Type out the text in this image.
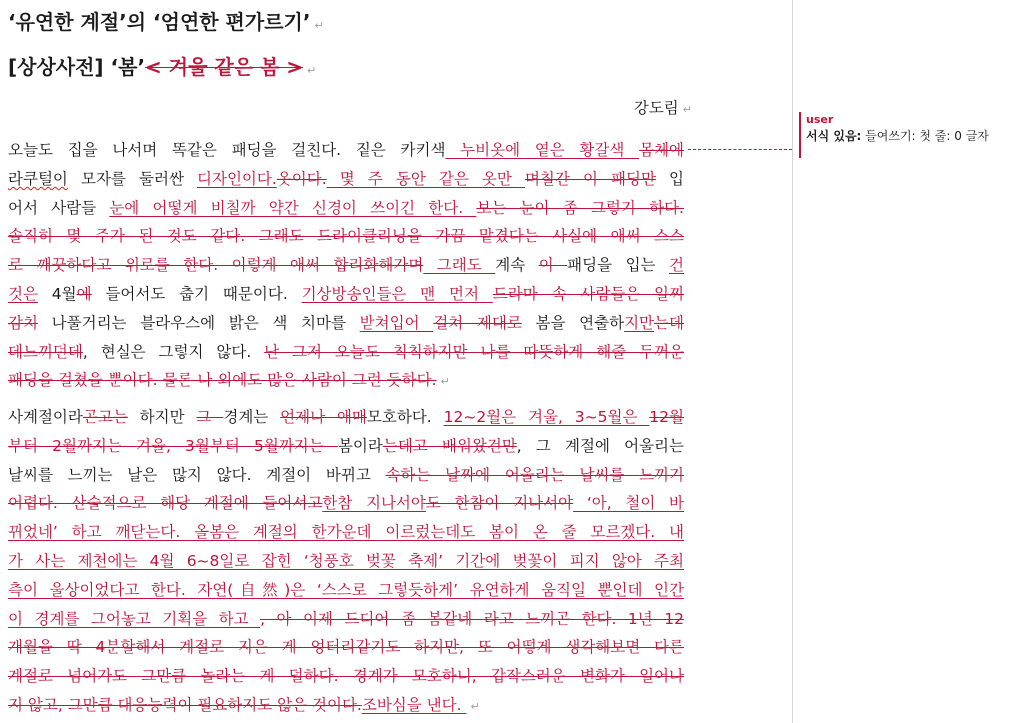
‘유연한 계절’의 ‘엄연한 편가르기’ ↵
[상상사전] ‘봄’< 겨울 같은 봄 > ↵
강도림 ↵
오늘도 집을 나서며 똑같은 패딩을 걸친다. 짙은 카키색 누비옷에 옅은 황갈색 몸체에
라쿠털이 모자를 둘러싼 디자인이다.옷이다. 몇 주 동안 같은 옷만 며칠간 이 패딩만 입
어서 사람들 눈에 어떻게 비칠까 약간 신경이 쓰이긴 한다. 보는 눈이 좀 그렇기 하다.
솔직히 몇 주가 된 것도 같다. 그래도 드라이클리닝을 가끔 맡겼다는 사실에 애써 스스
로 깨끗하다고 위로를 한다. 이렇게 애써 합리화해가며 그래도 계속 이 패딩을 입는 건
것은 4월에 들어서도 춥기 때문이다. 기상방송인들은 맨 먼저 드라마 속 사람들은 일찌
감치 나풀거리는 블라우스에 밝은 색 치마를 받쳐입어 걸쳐 제대로 봄을 연출하지만는데
데느끼던데, 현실은 그렇지 않다. 난 그저 오늘도 칙칙하지만 나를 따뜻하게 해줄 두꺼운
패딩을 걸쳤을 뿐이다. 물론 나 외에도 많은 사람이 그런 듯하다. ↵
사계절이라곤고는 하지만 그 경계는 언제나 애매모호하다. 12~2월은 겨울, 3~5월은 12월
부터 2월까지는 겨울, 3월부터 5월까지는 봄이라는데고 배워왔건만, 그 계절에 어울리는
날씨를 느끼는 날은 많지 않다. 계절이 바뀌고 속하는 날짜에 어울리는 날씨를 느끼기
어렵다. 산술적으로 해당 계절에 들어서고한참 지나서야도 한참이 지나서야 ‘아, 철이 바
뀌었네’ 하고 깨닫는다. 올봄은 계절의 한가운데 이르렀는데도 봄이 온 줄 모르겠다. 내
가 사는 제천에는 4월 6~8일로 잡힌 ‘청풍호 벚꽃 축제’ 기간에 벚꽃이 피지 않아 주최
측이 울상이었다고 한다. 자연(自然)은 ‘스스로 그렇듯하게’ 유연하게 움직일 뿐인데 인간
이 경계를 그어놓고 기획을 하고 , 아 이제 드디어 좀 봄같네 라고 느끼곤 한다. 1년 12
개월을 딱 4분할해서 계절로 지은 게 엉터리같기도 하지만, 또 어떻게 생각해보면 다른
계절로 넘어가도 그만큼 놀라는 게 덜하다. 경계가 모호하니, 갑작스러운 변화가 일어나
지 않고, 그만큼 대응능력이 필요하지도 않은 것이다.조바심을 낸다. ↵
user
서식 있음: 들여쓰기: 첫 줄: 0 글자
